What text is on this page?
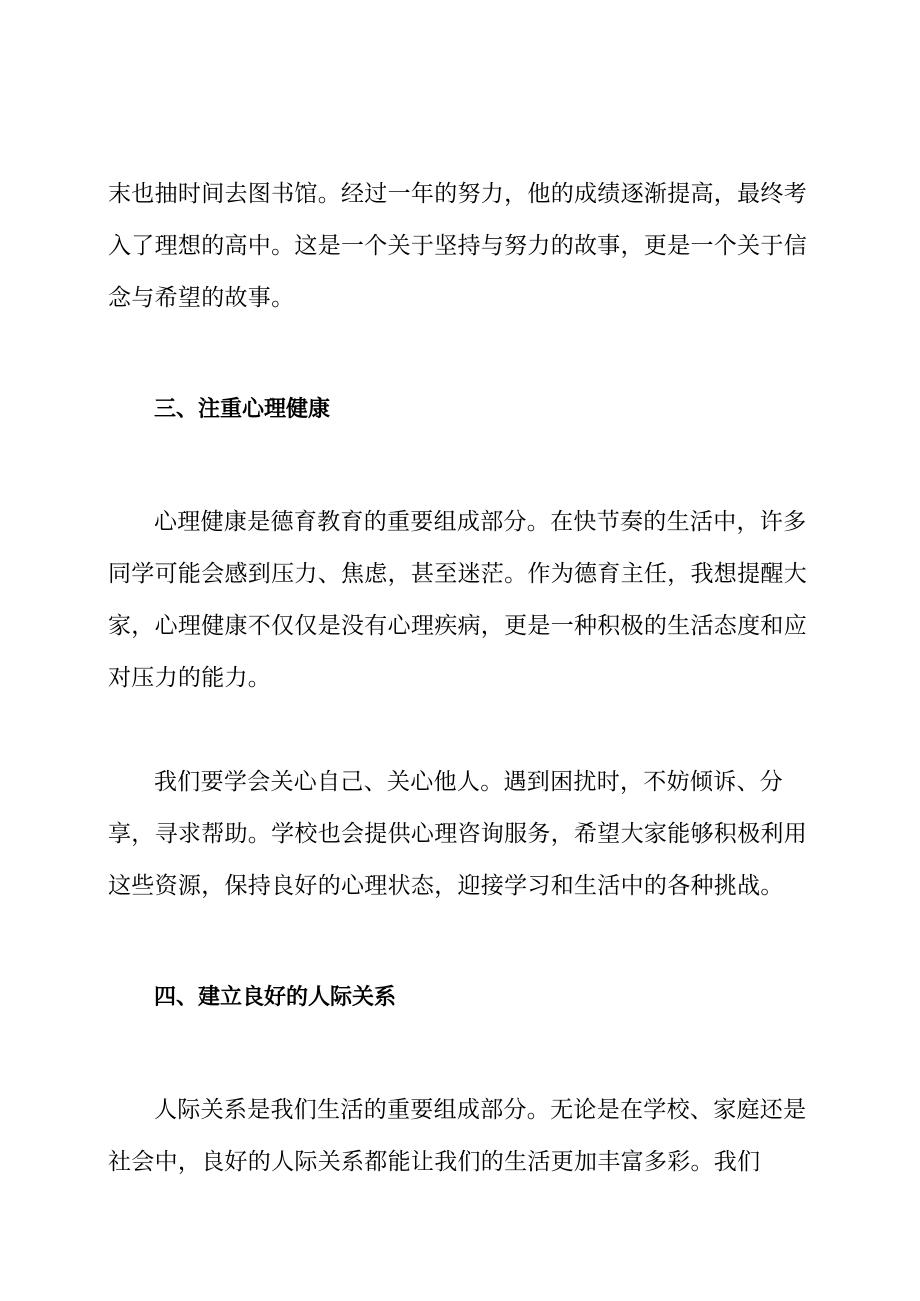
末也抽时间去图书馆。经过一年的努力，他的成绩逐渐提高，最终考入了理想的高中。这是一个关于坚持与努力的故事，更是一个关于信念与希望的故事。

三、注重心理健康

心理健康是德育教育的重要组成部分。在快节奏的生活中，许多同学可能会感到压力、焦虑，甚至迷茫。作为德育主任，我想提醒大家，心理健康不仅仅是没有心理疾病，更是一种积极的生活态度和应对压力的能力。

我们要学会关心自己、关心他人。遇到困扰时，不妨倾诉、分享，寻求帮助。学校也会提供心理咨询服务，希望大家能够积极利用这些资源，保持良好的心理状态，迎接学习和生活中的各种挑战。

四、建立良好的人际关系

人际关系是我们生活的重要组成部分。无论是在学校、家庭还是社会中，良好的人际关系都能让我们的生活更加丰富多彩。我们
